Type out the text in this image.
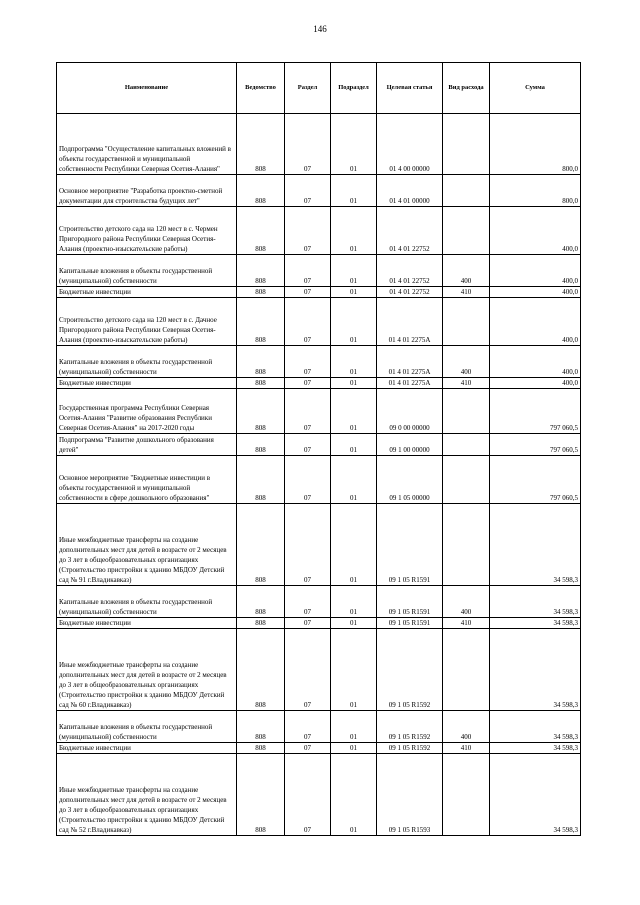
146
Наименование	Ведомство	Раздел	Подраздел	Целевая статья	Вид расхода	Сумма
Подпрограмма "Осуществление капитальных вложений в объекты государственной и муниципальной собственности Республики Северная Осетия-Алания"	808	07	01	01 4 00 00000		800,0
Основное мероприятие "Разработка проектно-сметной документации для строительства будущих лет"	808	07	01	01 4 01 00000		800,0
Строительство детского сада на 120 мест в с. Чермен Пригородного района Республики Северная Осетия-Алания (проектно-изыскательские работы)	808	07	01	01 4 01 22752		400,0
Капитальные вложения в объекты государственной (муниципальной) собственности	808	07	01	01 4 01 22752	400	400,0
Бюджетные инвестиции	808	07	01	01 4 01 22752	410	400,0
Строительство детского сада на 120 мест в с. Дачное Пригородного района Республики Северная Осетия-Алания (проектно-изыскательские работы)	808	07	01	01 4 01 2275А		400,0
Капитальные вложения в объекты государственной (муниципальной) собственности	808	07	01	01 4 01 2275А	400	400,0
Бюджетные инвестиции	808	07	01	01 4 01 2275А	410	400,0
Государственная программа Республики Северная Осетия-Алания "Развитие образования Республики Северная Осетия-Алания" на 2017-2020 годы	808	07	01	09 0 00 00000		797 060,5
Подпрограмма "Развитие дошкольного образования детей"	808	07	01	09 1 00 00000		797 060,5
Основное мероприятие "Бюджетные инвестиции в объекты государственной и муниципальной собственности в сфере дошкольного образования"	808	07	01	09 1 05 00000		797 060,5
Иные межбюджетные трансферты на создание дополнительных мест для детей в возрасте от 2 месяцев до 3 лет в общеобразовательных организациях (Строительство пристройки к зданию МБДОУ Детский сад № 91 г.Владикавказ)	808	07	01	09 1 05 R1591		34 598,3
Капитальные вложения в объекты государственной (муниципальной) собственности	808	07	01	09 1 05 R1591	400	34 598,3
Бюджетные инвестиции	808	07	01	09 1 05 R1591	410	34 598,3
Иные межбюджетные трансферты на создание дополнительных мест для детей в возрасте от 2 месяцев до 3 лет в общеобразовательных организациях (Строительство пристройки к зданию МБДОУ Детский сад № 60 г.Владикавказ)	808	07	01	09 1 05 R1592		34 598,3
Капитальные вложения в объекты государственной (муниципальной) собственности	808	07	01	09 1 05 R1592	400	34 598,3
Бюджетные инвестиции	808	07	01	09 1 05 R1592	410	34 598,3
Иные межбюджетные трансферты на создание дополнительных мест для детей в возрасте от 2 месяцев до 3 лет в общеобразовательных организациях (Строительство пристройки к зданию МБДОУ Детский сад № 52 г.Владикавказ)	808	07	01	09 1 05 R1593		34 598,3
